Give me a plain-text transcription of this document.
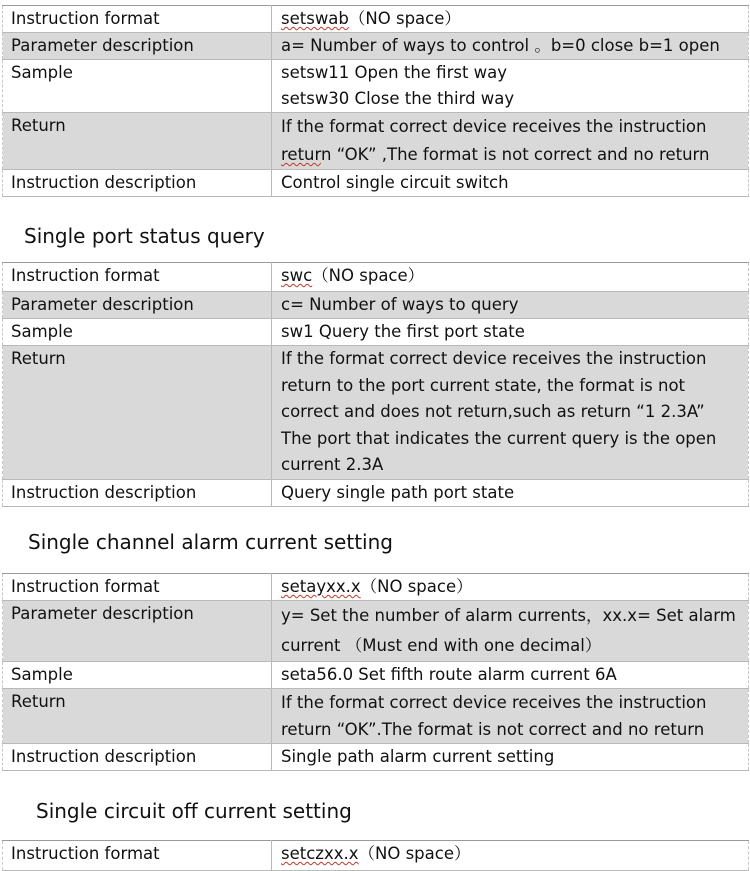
Instruction format	setswab（NO space）
Parameter description	a= Number of ways to control 。b=0 close b=1 open
Sample	setsw11 Open the first way
setsw30 Close the third way

Return	If the format correct device receives the instruction
return “OK” ,The format is not correct and no return

Instruction description	Control single circuit switch
Single port status query
Instruction format	swc（NO space）
Parameter description	c= Number of ways to query
Sample	sw1 Query the first port state
Return	If the format correct device receives the instruction
return to the port current state, the format is not
correct and does not return,such as return “1 2.3A”
The port that indicates the current query is the open
current 2.3A

Instruction description	Query single path port state
Single channel alarm current setting
Instruction format	setayxx.x（NO space）
Parameter description	y= Set the number of alarm currents，xx.x= Set alarm
current （Must end with one decimal）

Sample	seta56.0 Set fifth route alarm current 6A
Return	If the format correct device receives the instruction
return “OK”.The format is not correct and no return

Instruction description	Single path alarm current setting
Single circuit off current setting
Instruction format	setczxx.x（NO space）
